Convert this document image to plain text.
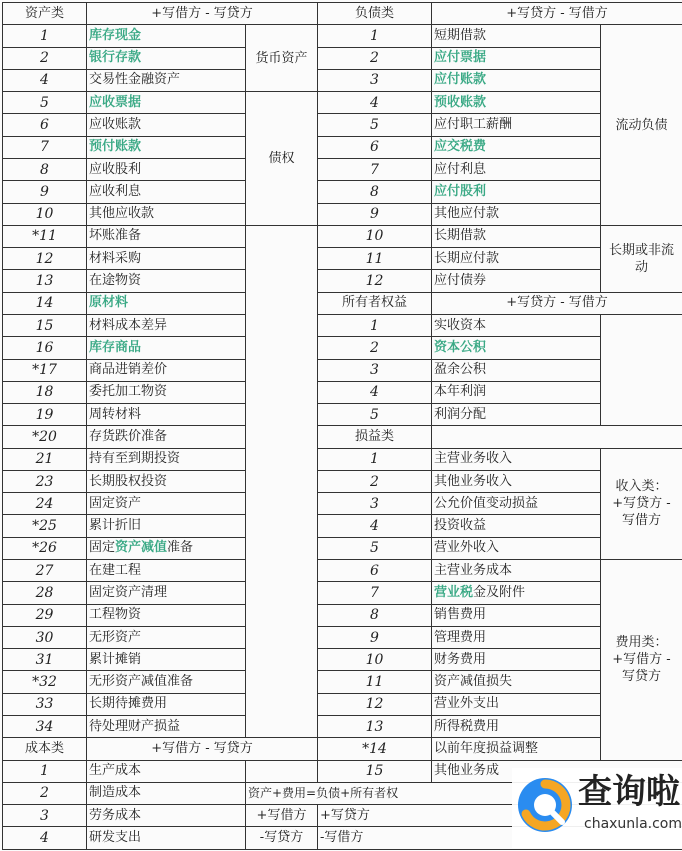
资产类	+写借方 - 写贷方		负债类	+写贷方 - 写借方	
1	库存现金	货币资产	1	短期借款	流动负债
2	银行存款		2	应付票据	
4	交易性金融资产		3	应付账款	
5	应收票据	债权	4	预收账款	
6	应收账款		5	应付职工薪酬	
7	预付账款		6	应交税费	
8	应收股利		7	应付利息	
9	应收利息		8	应付股利	
10	其他应收款		9	其他应付款	
*11	坏账准备		10	长期借款	长期或非流动
12	材料采购		11	长期应付款	
13	在途物资		12	应付债券	
14	原材料		所有者权益	+写贷方 - 写借方	
15	材料成本差异		1	实收资本	
16	库存商品		2	资本公积	
*17	商品进销差价		3	盈余公积	
18	委托加工物资		4	本年利润	
19	周转材料		5	利润分配	
*20	存货跌价准备		损益类		
21	持有至到期投资		1	主营业务收入	收入类：+写贷方 - 写借方
23	长期股权投资		2	其他业务收入	
24	固定资产		3	公允价值变动损益	
*25	累计折旧		4	投资收益	
*26	固定资产减值准备		5	营业外收入	
27	在建工程		6	主营业务成本	费用类：+写借方 - 写贷方
28	固定资产清理		7	营业税金及附件	
29	工程物资		8	销售费用	
30	无形资产		9	管理费用	
31	累计摊销		10	财务费用	
*32	无形资产减值准备		11	资产减值损失	
33	长期待摊费用		12	营业外支出	
34	待处理财产损益		13	所得税费用	
成本类	+写借方 - 写贷方		*14	以前年度损益调整	
1	生产成本		15	其他业务成	
2	制造成本	资产+费用=负债+所有者权			
3	劳务成本	+写借方	+写贷方		
4	研发支出	-写贷方	-写借方		
查询啦
chaxunla.com
